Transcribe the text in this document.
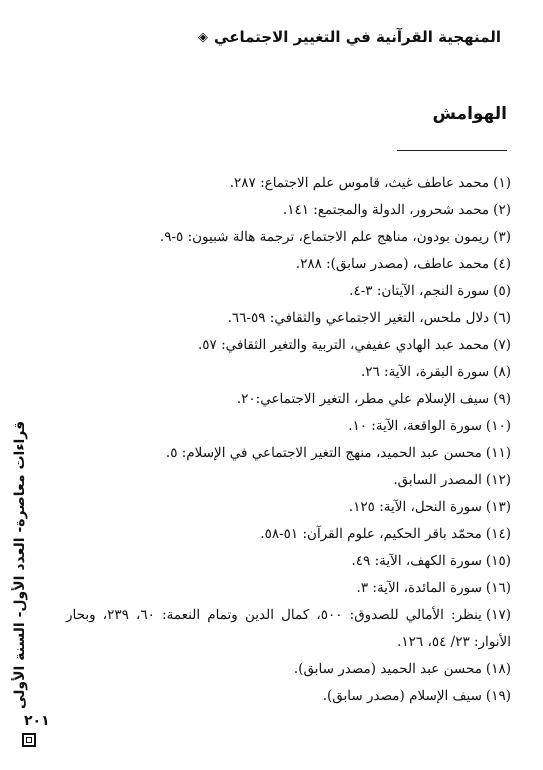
المنهجية القرآنية في التغيير الاجتماعي
◈
الهوامش
(١)محمد عاطف غيث، قاموس علم الاجتماع: ٢٨٧.
(٢)محمد شحرور، الدولة والمجتمع: ١٤١.
(٣)ريمون بودون، مناهج علم الاجتماع، ترجمة هالة شبيون: ٥-٩.
(٤)محمد عاطف، (مصدر سابق): ٢٨٨.
(٥)سورة النجم، الآيتان: ٣-٤.
(٦)دلال ملحس، التغير الاجتماعي والثقافي: ٥٩-٦٦.
(٧)محمد عبد الهادي عفيفي، التربية والتغير الثقافي: ٥٧.
(٨)سورة البقرة، الآية: ٢٦.
(٩)سيف الإسلام علي مطر، التغير الاجتماعي:٢٠.
(١٠)سورة الواقعة، الآية: ١٠.
(١١)محسن عبد الحميد، منهج التغير الاجتماعي في الإسلام: ٥.
(١٢)المصدر السابق.
(١٣)سورة النحل، الآية: ١٢٥.
(١٤)محمّد باقر الحكيم، علوم القرآن: ٥١-٥٨.
(١٥)سورة الكهف، الآية: ٤٩.
(١٦)سورة المائدة، الآية: ٣.
(١٧)ينظر: الأمالي للصدوق: ٥٠٠، كمال الدين وتمام النعمة: ٦٠، ٢٣٩، وبحار الأنوار: ٢٣/ ٥٤، ١٢٦.
(١٨)محسن عبد الحميد (مصدر سابق).
(١٩)سيف الإسلام (مصدر سابق).
قراءات معاصرة- العدد الأول- السنة الأولى
٢٠١
